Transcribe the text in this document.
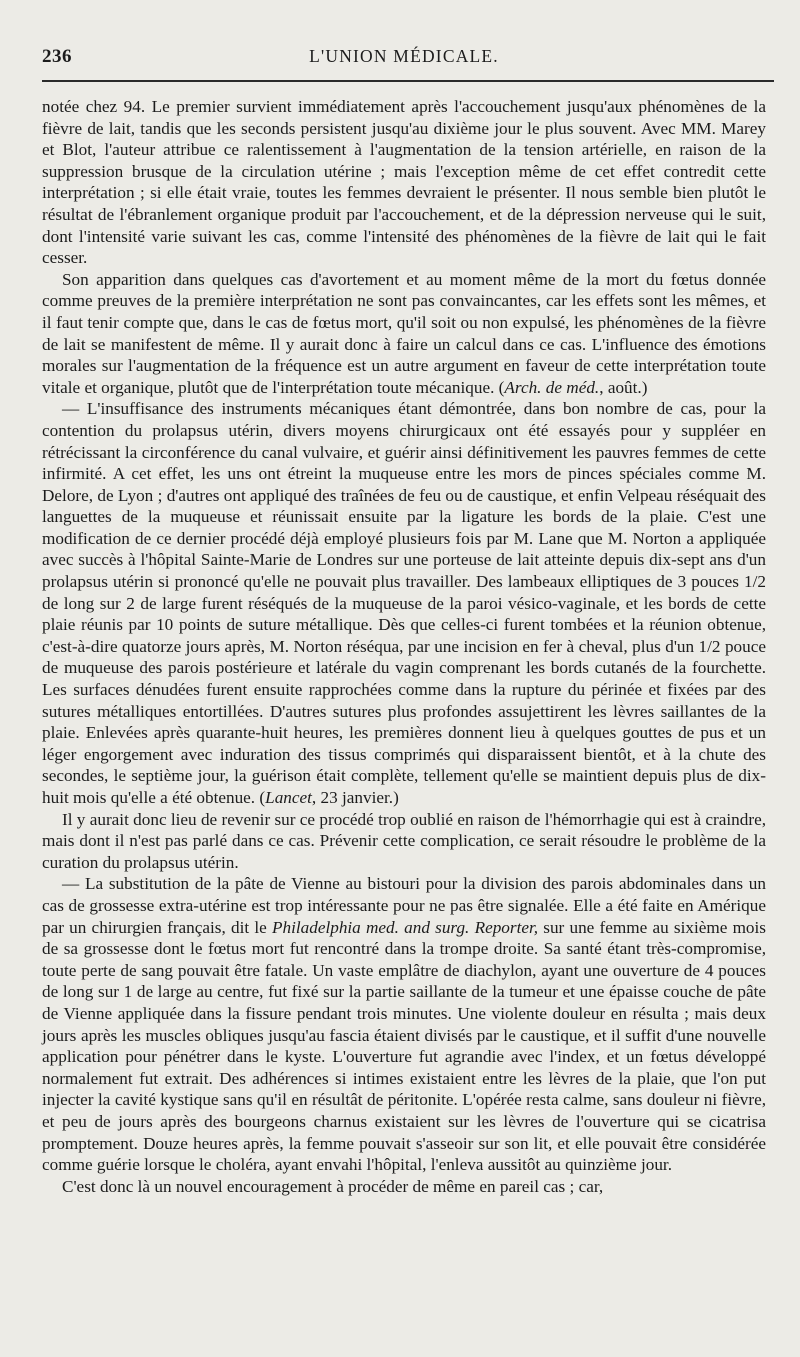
236	L'UNION MÉDICALE.

notée chez 94. Le premier survient immédiatement après l'accouchement jusqu'aux phénomènes de la fièvre de lait, tandis que les seconds persistent jusqu'au dixième jour le plus souvent. Avec MM. Marey et Blot, l'auteur attribue ce ralentissement à l'augmentation de la tension artérielle, en raison de la suppression brusque de la circulation utérine ; mais l'exception même de cet effet contredit cette interprétation ; si elle était vraie, toutes les femmes devraient le présenter. Il nous semble bien plutôt le résultat de l'ébranlement organique produit par l'accouchement, et de la dépression nerveuse qui le suit, dont l'intensité varie suivant les cas, comme l'intensité des phénomènes de la fièvre de lait qui le fait cesser.

Son apparition dans quelques cas d'avortement et au moment même de la mort du fœtus donnée comme preuves de la première interprétation ne sont pas convaincantes, car les effets sont les mêmes, et il faut tenir compte que, dans le cas de fœtus mort, qu'il soit ou non expulsé, les phénomènes de la fièvre de lait se manifestent de même. Il y aurait donc à faire un calcul dans ce cas. L'influence des émotions morales sur l'augmentation de la fréquence est un autre argument en faveur de cette interprétation toute vitale et organique, plutôt que de l'interprétation toute mécanique. (Arch. de méd., août.)

— L'insuffisance des instruments mécaniques étant démontrée, dans bon nombre de cas, pour la contention du prolapsus utérin, divers moyens chirurgicaux ont été essayés pour y suppléer en rétrécissant la circonférence du canal vulvaire, et guérir ainsi définitivement les pauvres femmes de cette infirmité. A cet effet, les uns ont étreint la muqueuse entre les mors de pinces spéciales comme M. Delore, de Lyon ; d'autres ont appliqué des traînées de feu ou de caustique, et enfin Velpeau réséquait des languettes de la muqueuse et réunissait ensuite par la ligature les bords de la plaie. C'est une modification de ce dernier procédé déjà employé plusieurs fois par M. Lane que M. Norton a appliquée avec succès à l'hôpital Sainte-Marie de Londres sur une porteuse de lait atteinte depuis dix-sept ans d'un prolapsus utérin si prononcé qu'elle ne pouvait plus travailler. Des lambeaux elliptiques de 3 pouces 1/2 de long sur 2 de large furent réséqués de la muqueuse de la paroi vésico-vaginale, et les bords de cette plaie réunis par 10 points de suture métallique. Dès que celles-ci furent tombées et la réunion obtenue, c'est-à-dire quatorze jours après, M. Norton réséqua, par une incision en fer à cheval, plus d'un 1/2 pouce de muqueuse des parois postérieure et latérale du vagin comprenant les bords cutanés de la fourchette. Les surfaces dénudées furent ensuite rapprochées comme dans la rupture du périnée et fixées par des sutures métalliques entortillées. D'autres sutures plus profondes assujettirent les lèvres saillantes de la plaie. Enlevées après quarante-huit heures, les premières donnent lieu à quelques gouttes de pus et un léger engorgement avec induration des tissus comprimés qui disparaissent bientôt, et à la chute des secondes, le septième jour, la guérison était complète, tellement qu'elle se maintient depuis plus de dix-huit mois qu'elle a été obtenue. (Lancet, 23 janvier.)

Il y aurait donc lieu de revenir sur ce procédé trop oublié en raison de l'hémorrhagie qui est à craindre, mais dont il n'est pas parlé dans ce cas. Prévenir cette complication, ce serait résoudre le problème de la curation du prolapsus utérin.

— La substitution de la pâte de Vienne au bistouri pour la division des parois abdominales dans un cas de grossesse extra-utérine est trop intéressante pour ne pas être signalée. Elle a été faite en Amérique par un chirurgien français, dit le Philadelphia med. and surg. Reporter, sur une femme au sixième mois de sa grossesse dont le fœtus mort fut rencontré dans la trompe droite. Sa santé étant très-compromise, toute perte de sang pouvait être fatale. Un vaste emplâtre de diachylon, ayant une ouverture de 4 pouces de long sur 1 de large au centre, fut fixé sur la partie saillante de la tumeur et une épaisse couche de pâte de Vienne appliquée dans la fissure pendant trois minutes. Une violente douleur en résulta ; mais deux jours après les muscles obliques jusqu'au fascia étaient divisés par le caustique, et il suffit d'une nouvelle application pour pénétrer dans le kyste. L'ouverture fut agrandie avec l'index, et un fœtus développé normalement fut extrait. Des adhérences si intimes existaient entre les lèvres de la plaie, que l'on put injecter la cavité kystique sans qu'il en résultât de péritonite. L'opérée resta calme, sans douleur ni fièvre, et peu de jours après des bourgeons charnus existaient sur les lèvres de l'ouverture qui se cicatrisa promptement. Douze heures après, la femme pouvait s'asseoir sur son lit, et elle pouvait être considérée comme guérie lorsque le choléra, ayant envahi l'hôpital, l'enleva aussitôt au quinzième jour.

C'est donc là un nouvel encouragement à procéder de même en pareil cas ; car,
